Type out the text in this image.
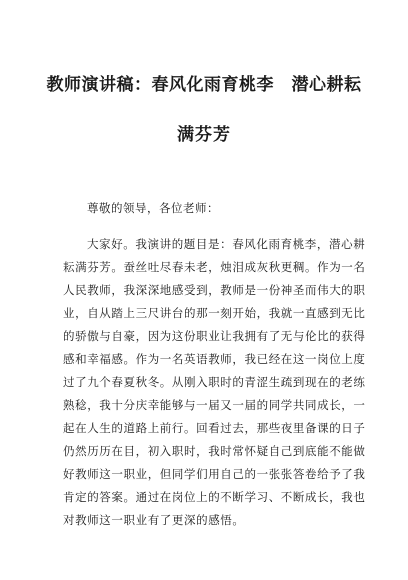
教师演讲稿：春风化雨育桃李　潜心耕耘
满芬芳
尊敬的领导，各位老师：
大家好。我演讲的题目是：春风化雨育桃李，潜心耕
耘满芬芳。蚕丝吐尽春未老，烛泪成灰秋更稠。作为一名
人民教师，我深深地感受到，教师是一份神圣而伟大的职
业，自从踏上三尺讲台的那一刻开始，我就一直感到无比
的骄傲与自豪，因为这份职业让我拥有了无与伦比的获得
感和幸福感。作为一名英语教师，我已经在这一岗位上度
过了九个春夏秋冬。从刚入职时的青涩生疏到现在的老练
熟稔，我十分庆幸能够与一届又一届的同学共同成长，一
起在人生的道路上前行。回看过去，那些夜里备课的日子
仍然历历在目，初入职时，我时常怀疑自己到底能不能做
好教师这一职业，但同学们用自己的一张张答卷给予了我
肯定的答案。通过在岗位上的不断学习、不断成长，我也
对教师这一职业有了更深的感悟。
